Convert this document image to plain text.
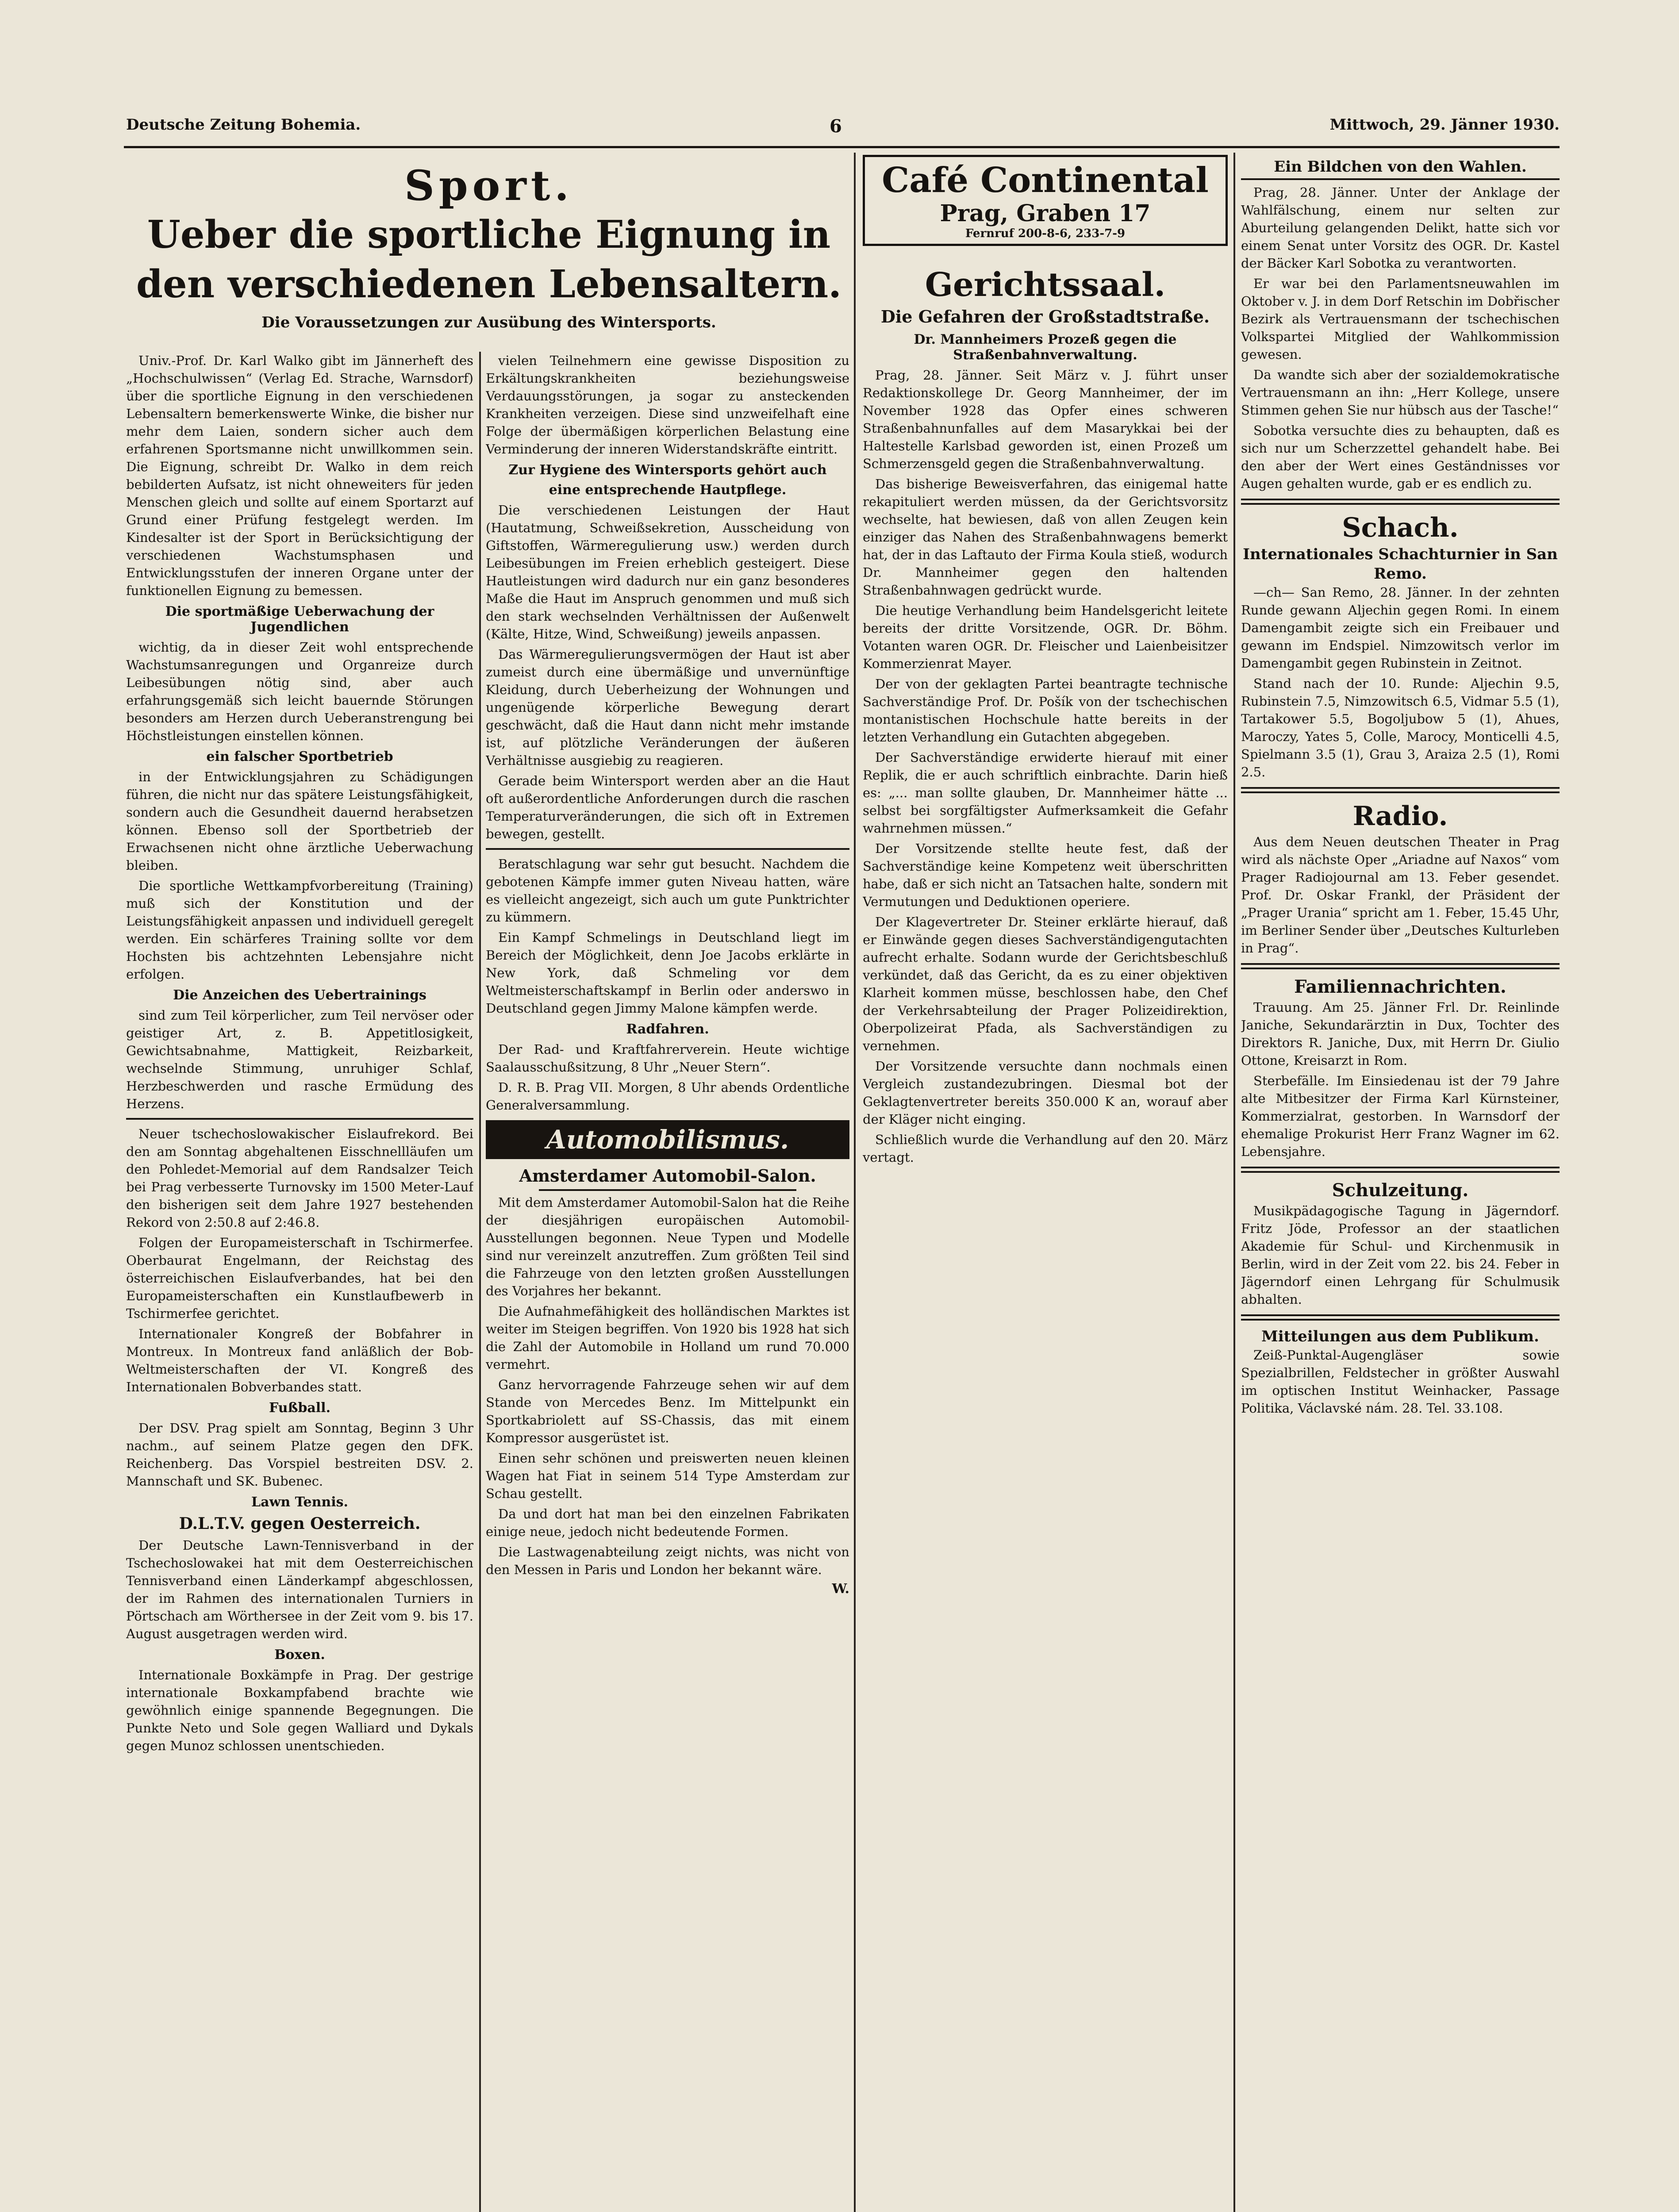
Deutsche Zeitung Bohemia.	6	Mittwoch, 29. Jänner 1930.
Sport.
Ueber die sportliche Eignung in den verschiedenen Lebensaltern.
Die Voraussetzungen zur Ausübung des Wintersports.

Univ.-Prof. Dr. Karl Walko gibt im Jännerheft des „Hochschulwissen“ (Verlag Ed. Strache, Warnsdorf) über die sportliche Eignung in den verschiedenen Lebensaltern bemerkenswerte Winke, die bisher nur mehr dem Laien, sondern sicher auch dem erfahrenen Sportsmanne nicht unwillkommen sein. Die Eignung, schreibt Dr. Walko in dem reich bebilderten Aufsatz, ist nicht ohneweiters für jeden Menschen gleich und sollte auf einem Sportarzt auf Grund einer Prüfung festgelegt werden. Im Kindesalter ist der Sport in Berücksichtigung der verschiedenen Wachstumsphasen und Entwicklungsstufen der inneren Organe unter der funktionellen Eignung zu bemessen.

Die sportmäßige Ueberwachung der Jugendlichen

wichtig, da in dieser Zeit wohl entsprechende Wachstumsanregungen und Organreize durch Leibesübungen nötig sind, aber auch erfahrungsgemäß sich leicht bauernde Störungen besonders am Herzen durch Ueberanstrengung bei Höchstleistungen einstellen können.

ein falscher Sportbetrieb

in der Entwicklungsjahren zu Schädigungen führen, die nicht nur das spätere Leistungsfähigkeit, sondern auch die Gesundheit dauernd herabsetzen können. Ebenso soll der Sportbetrieb der Erwachsenen nicht ohne ärztliche Ueberwachung bleiben.

Die sportliche Wettkampfvorbereitung (Training) muß sich der Konstitution und der Leistungsfähigkeit anpassen und individuell geregelt werden. Ein schärferes Training sollte vor dem Hochsten bis achtzehnten Lebensjahre nicht erfolgen.

Die Anzeichen des Uebertrainings

sind zum Teil körperlicher, zum Teil nervöser oder geistiger Art, z. B. Appetitlosigkeit, Gewichtsabnahme, Mattigkeit, Reizbarkeit, wechselnde Stimmung, unruhiger Schlaf, Herzbeschwerden und rasche Ermüdung des Herzens.

Neuer tschechoslowakischer Eislaufrekord. Bei den am Sonntag abgehaltenen Eisschnellläufen um den Pohledet-Memorial auf dem Randsalzer Teich bei Prag verbesserte Turnovsky im 1500 Meter-Lauf den bisherigen seit dem Jahre 1927 bestehenden Rekord von 2:50.8 auf 2:46.8.

Folgen der Europameisterschaft in Tschirmerfee. Oberbaurat Engelmann, der Reichstag des österreichischen Eislaufverbandes, hat bei den Europameisterschaften ein Kunstlaufbewerb in Tschirmerfee gerichtet.

Internationaler Kongreß der Bobfahrer in Montreux. In Montreux fand anläßlich der Bob-Weltmeisterschaften der VI. Kongreß des Internationalen Bobverbandes statt.

Fußball.

Der DSV. Prag spielt am Sonntag, Beginn 3 Uhr nachm., auf seinem Platze gegen den DFK. Reichenberg. Das Vorspiel bestreiten DSV. 2. Mannschaft und SK. Bubenec.

Lawn Tennis.
D.L.T.V. gegen Oesterreich.

Der Deutsche Lawn-Tennisverband in der Tschechoslowakei hat mit dem Oesterreichischen Tennisverband einen Länderkampf abgeschlossen, der im Rahmen des internationalen Turniers in Pörtschach am Wörthersee in der Zeit vom 9. bis 17. August ausgetragen werden wird.

Boxen.

Internationale Boxkämpfe in Prag. Der gestrige internationale Boxkampfabend brachte wie gewöhnlich einige spannende Begegnungen. Die Punkte Neto und Sole gegen Walliard und Dykals gegen Munoz schlossen unentschieden.

vielen Teilnehmern eine gewisse Disposition zu Erkältungskrankheiten beziehungsweise Verdauungsstörungen, ja sogar zu ansteckenden Krankheiten verzeigen. Diese sind unzweifelhaft eine Folge der übermäßigen körperlichen Belastung eine Verminderung der inneren Widerstandskräfte eintritt.

Zur Hygiene des Wintersports gehört auch
eine entsprechende Hautpflege.

Die verschiedenen Leistungen der Haut (Hautatmung, Schweißsekretion, Ausscheidung von Giftstoffen, Wärmeregulierung usw.) werden durch Leibesübungen im Freien erheblich gesteigert. Diese Hautleistungen wird dadurch nur ein ganz besonderes Maße die Haut im Anspruch genommen und muß sich den stark wechselnden Verhältnissen der Außenwelt (Kälte, Hitze, Wind, Schweißung) jeweils anpassen.

Das Wärmeregulierungsvermögen der Haut ist aber zumeist durch eine übermäßige und unvernünftige Kleidung, durch Ueberheizung der Wohnungen und ungenügende körperliche Bewegung derart geschwächt, daß die Haut dann nicht mehr imstande ist, auf plötzliche Veränderungen der äußeren Verhältnisse ausgiebig zu reagieren.

Gerade beim Wintersport werden aber an die Haut oft außerordentliche Anforderungen durch die raschen Temperaturveränderungen, die sich oft in Extremen bewegen, gestellt.

Beratschlagung war sehr gut besucht. Nachdem die gebotenen Kämpfe immer guten Niveau hatten, wäre es vielleicht angezeigt, sich auch um gute Punktrichter zu kümmern.

Ein Kampf Schmelings in Deutschland liegt im Bereich der Möglichkeit, denn Joe Jacobs erklärte in New York, daß Schmeling vor dem Weltmeisterschaftskampf in Berlin oder anderswo in Deutschland gegen Jimmy Malone kämpfen werde.

Radfahren.

Der Rad- und Kraftfahrerverein. Heute wichtige Saalausschußsitzung, 8 Uhr „Neuer Stern“.

D. R. B. Prag VII. Morgen, 8 Uhr abends Ordentliche Generalversammlung.

Automobilismus.
Amsterdamer Automobil-Salon.

Mit dem Amsterdamer Automobil-Salon hat die Reihe der diesjährigen europäischen Automobil-Ausstellungen begonnen. Neue Typen und Modelle sind nur vereinzelt anzutreffen. Zum größten Teil sind die Fahrzeuge von den letzten großen Ausstellungen des Vorjahres her bekannt.

Die Aufnahmefähigkeit des holländischen Marktes ist weiter im Steigen begriffen. Von 1920 bis 1928 hat sich die Zahl der Automobile in Holland um rund 70.000 vermehrt.

Ganz hervorragende Fahrzeuge sehen wir auf dem Stande von Mercedes Benz. Im Mittelpunkt ein Sportkabriolett auf SS-Chassis, das mit einem Kompressor ausgerüstet ist.

Einen sehr schönen und preiswerten neuen kleinen Wagen hat Fiat in seinem 514 Type Amsterdam zur Schau gestellt.

Da und dort hat man bei den einzelnen Fabrikaten einige neue, jedoch nicht bedeutende Formen.

Die Lastwagenabteilung zeigt nichts, was nicht von den Messen in Paris und London her bekannt wäre.

W.
Café Continental
Prag, Graben 17
Fernruf 200-8-6, 233-7-9
Gerichtssaal.
Die Gefahren der Großstadtstraße.
Dr. Mannheimers Prozeß gegen die Straßenbahnverwaltung.

Prag, 28. Jänner. Seit März v. J. führt unser Redaktionskollege Dr. Georg Mannheimer, der im November 1928 das Opfer eines schweren Straßenbahnunfalles auf dem Masarykkai bei der Haltestelle Karlsbad geworden ist, einen Prozeß um Schmerzensgeld gegen die Straßenbahnverwaltung.

Das bisherige Beweisverfahren, das einigemal hatte rekapituliert werden müssen, da der Gerichtsvorsitz wechselte, hat bewiesen, daß von allen Zeugen kein einziger das Nahen des Straßenbahnwagens bemerkt hat, der in das Laftauto der Firma Koula stieß, wodurch Dr. Mannheimer gegen den haltenden Straßenbahnwagen gedrückt wurde.

Die heutige Verhandlung beim Handelsgericht leitete bereits der dritte Vorsitzende, OGR. Dr. Böhm. Votanten waren OGR. Dr. Fleischer und Laienbeisitzer Kommerzienrat Mayer.

Der von der geklagten Partei beantragte technische Sachverständige Prof. Dr. Pošík von der tschechischen montanistischen Hochschule hatte bereits in der letzten Verhandlung ein Gutachten abgegeben.

Der Sachverständige erwiderte hierauf mit einer Replik, die er auch schriftlich einbrachte. Darin hieß es: „... man sollte glauben, Dr. Mannheimer hätte ... selbst bei sorgfältigster Aufmerksamkeit die Gefahr wahrnehmen müssen.“

Der Vorsitzende stellte heute fest, daß der Sachverständige keine Kompetenz weit überschritten habe, daß er sich nicht an Tatsachen halte, sondern mit Vermutungen und Deduktionen operiere.

Der Klagevertreter Dr. Steiner erklärte hierauf, daß er Einwände gegen dieses Sachverständigengutachten aufrecht erhalte. Sodann wurde der Gerichtsbeschluß verkündet, daß das Gericht, da es zu einer objektiven Klarheit kommen müsse, beschlossen habe, den Chef der Verkehrsabteilung der Prager Polizeidirektion, Oberpolizeirat Pfada, als Sachverständigen zu vernehmen.

Der Vorsitzende versuchte dann nochmals einen Vergleich zustandezubringen. Diesmal bot der Geklagtenvertreter bereits 350.000 K an, worauf aber der Kläger nicht einging.

Schließlich wurde die Verhandlung auf den 20. März vertagt.

Ein Bildchen von den Wahlen.

Prag, 28. Jänner. Unter der Anklage der Wahlfälschung, einem nur selten zur Aburteilung gelangenden Delikt, hatte sich vor einem Senat unter Vorsitz des OGR. Dr. Kastel der Bäcker Karl Sobotka zu verantworten.

Er war bei den Parlamentsneuwahlen im Oktober v. J. in dem Dorf Retschin im Dobřischer Bezirk als Vertrauensmann der tschechischen Volkspartei Mitglied der Wahlkommission gewesen.

Da wandte sich aber der sozialdemokratische Vertrauensmann an ihn: „Herr Kollege, unsere Stimmen gehen Sie nur hübsch aus der Tasche!“

Sobotka versuchte dies zu behaupten, daß es sich nur um Scherzzettel gehandelt habe. Bei den aber der Wert eines Geständnisses vor Augen gehalten wurde, gab er es endlich zu.

Schach.
Internationales Schachturnier in San Remo.

—ch— San Remo, 28. Jänner. In der zehnten Runde gewann Aljechin gegen Romi. In einem Damengambit zeigte sich ein Freibauer und gewann im Endspiel. Nimzowitsch verlor im Damengambit gegen Rubinstein in Zeitnot.

Stand nach der 10. Runde: Aljechin 9.5, Rubinstein 7.5, Nimzowitsch 6.5, Vidmar 5.5 (1), Tartakower 5.5, Bogoljubow 5 (1), Ahues, Maroczy, Yates 5, Colle, Marocy, Monticelli 4.5, Spielmann 3.5 (1), Grau 3, Araiza 2.5 (1), Romi 2.5.

Radio.

Aus dem Neuen deutschen Theater in Prag wird als nächste Oper „Ariadne auf Naxos“ vom Prager Radiojournal am 13. Feber gesendet. Prof. Dr. Oskar Frankl, der Präsident der „Prager Urania“ spricht am 1. Feber, 15.45 Uhr, im Berliner Sender über „Deutsches Kulturleben in Prag“.

Familiennachrichten.

Trauung. Am 25. Jänner Frl. Dr. Reinlinde Janiche, Sekundarärztin in Dux, Tochter des Direktors R. Janiche, Dux, mit Herrn Dr. Giulio Ottone, Kreisarzt in Rom.

Sterbefälle. Im Einsiedenau ist der 79 Jahre alte Mitbesitzer der Firma Karl Kürnsteiner, Kommerzialrat, gestorben. In Warnsdorf der ehemalige Prokurist Herr Franz Wagner im 62. Lebensjahre.

Schulzeitung.

Musikpädagogische Tagung in Jägerndorf. Fritz Jöde, Professor an der staatlichen Akademie für Schul- und Kirchenmusik in Berlin, wird in der Zeit vom 22. bis 24. Feber in Jägerndorf einen Lehrgang für Schulmusik abhalten.

Mitteilungen aus dem Publikum.

Zeiß-Punktal-Augengläser sowie Spezialbrillen, Feldstecher in größter Auswahl im optischen Institut Weinhacker, Passage Politika, Václavské nám. 28. Tel. 33.108.
